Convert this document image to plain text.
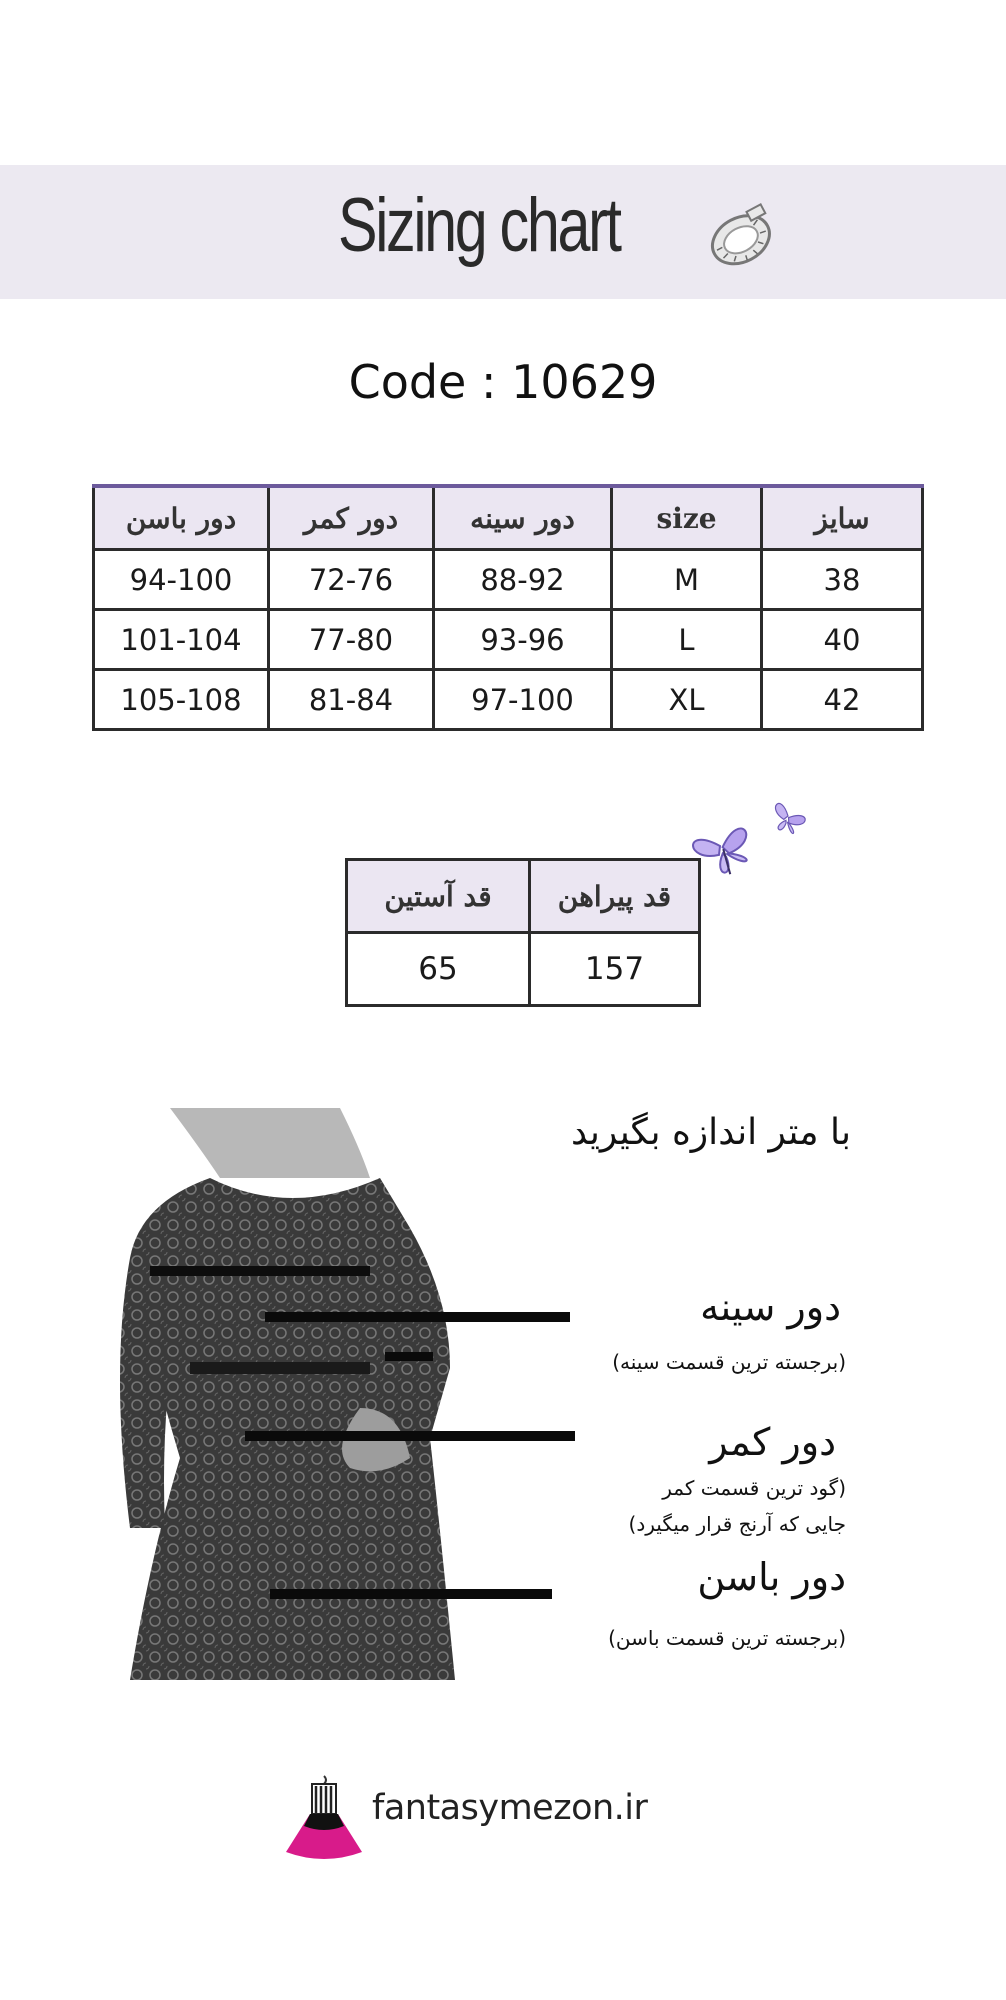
Sizing chart
Code : 10629
دور باسن	دور کمر	دور سینه	size	سایز
94-100	72-76	88-92	M	38
101-104	77-80	93-96	L	40
105-108	81-84	97-100	XL	42
قد آستین	قد پیراهن
65	157
با متر اندازه بگیرید
دور سینه
(برجسته ترین قسمت سینه)
دور کمر
(گود ترین قسمت کمر
جایی که آرنج قرار میگیرد)
دور باسن
(برجسته ترین قسمت باسن)
fantasymezon.ir
